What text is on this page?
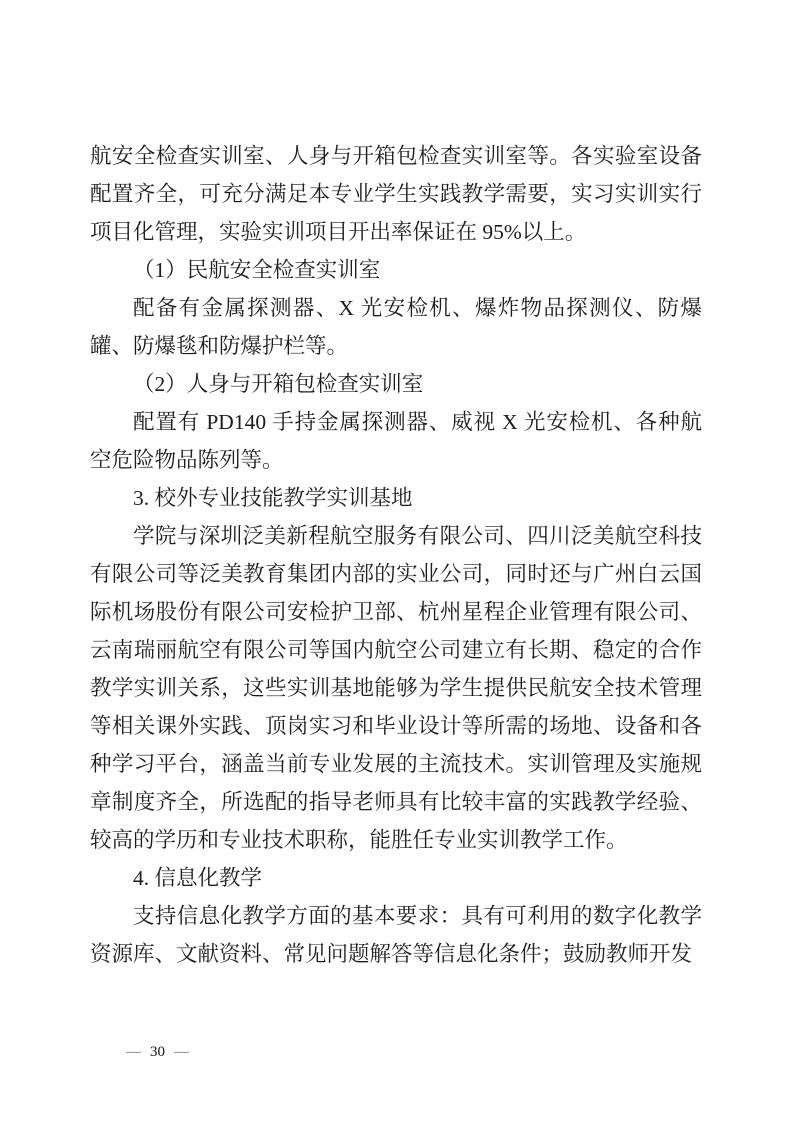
航安全检查实训室、人身与开箱包检查实训室等。各实验室设备配置齐全，可充分满足本专业学生实践教学需要，实习实训实行项目化管理，实验实训项目开出率保证在 95%以上。

（1）民航安全检查实训室

配备有金属探测器、X 光安检机、爆炸物品探测仪、防爆罐、防爆毯和防爆护栏等。

（2）人身与开箱包检查实训室

配置有 PD140 手持金属探测器、威视 X 光安检机、各种航空危险物品陈列等。

3. 校外专业技能教学实训基地

学院与深圳泛美新程航空服务有限公司、四川泛美航空科技有限公司等泛美教育集团内部的实业公司，同时还与广州白云国际机场股份有限公司安检护卫部、杭州星程企业管理有限公司、云南瑞丽航空有限公司等国内航空公司建立有长期、稳定的合作教学实训关系，这些实训基地能够为学生提供民航安全技术管理等相关课外实践、顶岗实习和毕业设计等所需的场地、设备和各种学习平台，涵盖当前专业发展的主流技术。实训管理及实施规章制度齐全，所选配的指导老师具有比较丰富的实践教学经验、较高的学历和专业技术职称，能胜任专业实训教学工作。

4. 信息化教学

支持信息化教学方面的基本要求：具有可利用的数字化教学资源库、文献资料、常见问题解答等信息化条件；鼓励教师开发

— 30 —
